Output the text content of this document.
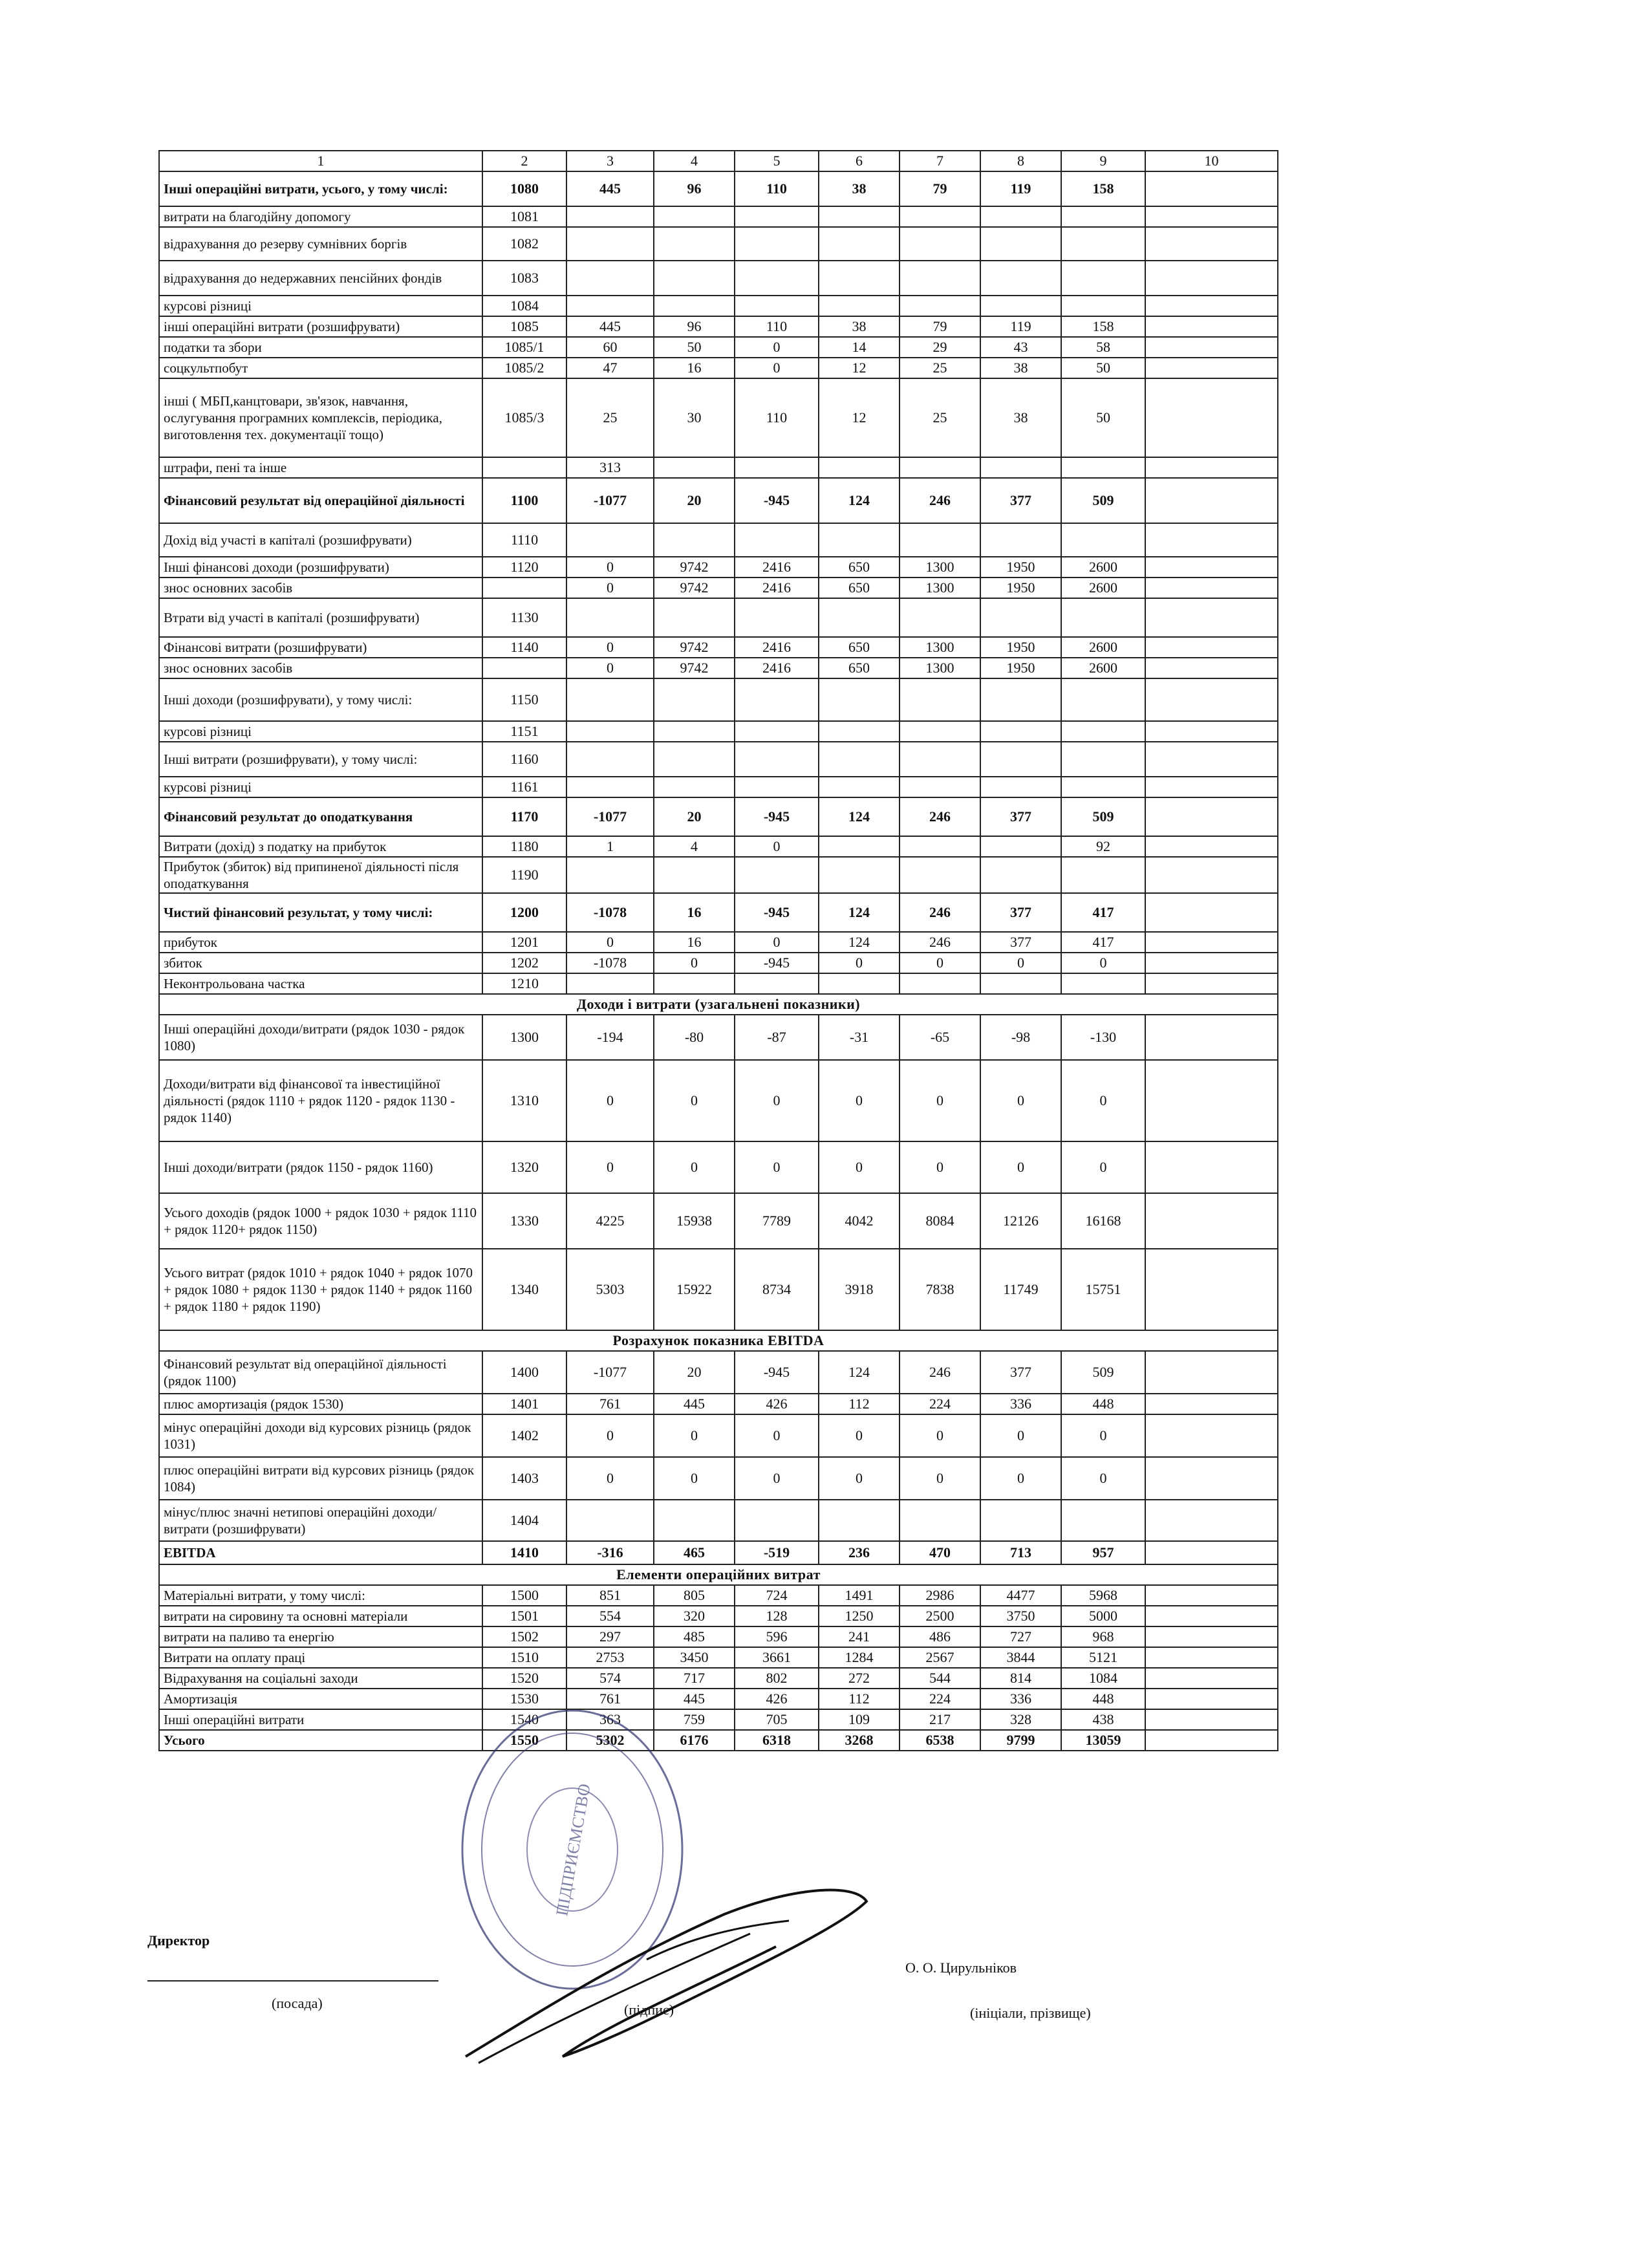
1	2	3	4	5	6	7	8	9	10
Інші операційні витрати, усього, у тому числі:	1080	445	96	110	38	79	119	158	
витрати на благодійну допомогу	1081								
відрахування до резерву сумнівних боргів	1082								
відрахування до недержавних пенсійних фондів	1083								
курсові різниці	1084								
інші операційні витрати (розшифрувати)	1085	445	96	110	38	79	119	158	
податки та збори	1085/1	60	50	0	14	29	43	58	
соцкультпобут	1085/2	47	16	0	12	25	38	50	
інші ( МБП,канцтовари, зв'язок, навчання, ослугування програмних комплексів, періодика, виготовлення тех. документації тощо)	1085/3	25	30	110	12	25	38	50	
штрафи, пені та інше		313							
Фінансовий результат від операційної діяльності	1100	-1077	20	-945	124	246	377	509	
Дохід від участі в капіталі (розшифрувати)	1110								
Інші фінансові доходи (розшифрувати)	1120	0	9742	2416	650	1300	1950	2600	
знос основних засобів		0	9742	2416	650	1300	1950	2600	
Втрати від участі в капіталі (розшифрувати)	1130								
Фінансові витрати (розшифрувати)	1140	0	9742	2416	650	1300	1950	2600	
знос основних засобів		0	9742	2416	650	1300	1950	2600	
Інші доходи (розшифрувати), у тому числі:	1150								
курсові різниці	1151								
Інші витрати (розшифрувати), у тому числі:	1160								
курсові різниці	1161								
Фінансовий результат до оподаткування	1170	-1077	20	-945	124	246	377	509	
Витрати (дохід) з податку на прибуток	1180	1	4	0				92	
Прибуток (збиток) від припиненої діяльності після оподаткування	1190								
Чистий фінансовий результат, у тому числі:	1200	-1078	16	-945	124	246	377	417	
прибуток	1201	0	16	0	124	246	377	417	
збиток	1202	-1078	0	-945	0	0	0	0	
Неконтрольована частка	1210								
Доходи і витрати (узагальнені показники)									
Інші операційні доходи/витрати (рядок 1030 - рядок 1080)	1300	-194	-80	-87	-31	-65	-98	-130	
Доходи/витрати від фінансової та інвестиційної діяльності (рядок 1110 + рядок 1120 - рядок 1130 - рядок 1140)	1310	0	0	0	0	0	0	0	
Інші доходи/витрати (рядок 1150 - рядок 1160)	1320	0	0	0	0	0	0	0	
Усього доходів (рядок 1000 + рядок 1030 + рядок 1110 + рядок 1120+ рядок 1150)	1330	4225	15938	7789	4042	8084	12126	16168	
Усього витрат (рядок 1010 + рядок 1040 + рядок 1070 + рядок 1080 + рядок 1130 + рядок 1140 + рядок 1160 + рядок 1180 + рядок 1190)	1340	5303	15922	8734	3918	7838	11749	15751	
Розрахунок показника EBITDA									
Фінансовий результат від операційної діяльності (рядок 1100)	1400	-1077	20	-945	124	246	377	509	
плюс амортизація (рядок 1530)	1401	761	445	426	112	224	336	448	
мінус операційні доходи від курсових різниць (рядок 1031)	1402	0	0	0	0	0	0	0	
плюс операційні витрати від курсових різниць (рядок 1084)	1403	0	0	0	0	0	0	0	
мінус/плюс значні нетипові операційні доходи/витрати (розшифрувати)	1404								
EBITDA	1410	-316	465	-519	236	470	713	957	
Елементи операційних витрат									
Матеріальні витрати, у тому числі:	1500	851	805	724	1491	2986	4477	5968	
витрати на сировину та основні матеріали	1501	554	320	128	1250	2500	3750	5000	
витрати на паливо та енергію	1502	297	485	596	241	486	727	968	
Витрати на оплату праці	1510	2753	3450	3661	1284	2567	3844	5121	
Відрахування на соціальні заходи	1520	574	717	802	272	544	814	1084	
Амортизація	1530	761	445	426	112	224	336	448	
Інші операційні витрати	1540	363	759	705	109	217	328	438	
Усього	1550	5302	6176	6318	3268	6538	9799	13059	
ПІДПРИЄМСТВО
Директор
(посада)	(підпис)
О. О. Цирульніков
(ініціали, прізвище)
